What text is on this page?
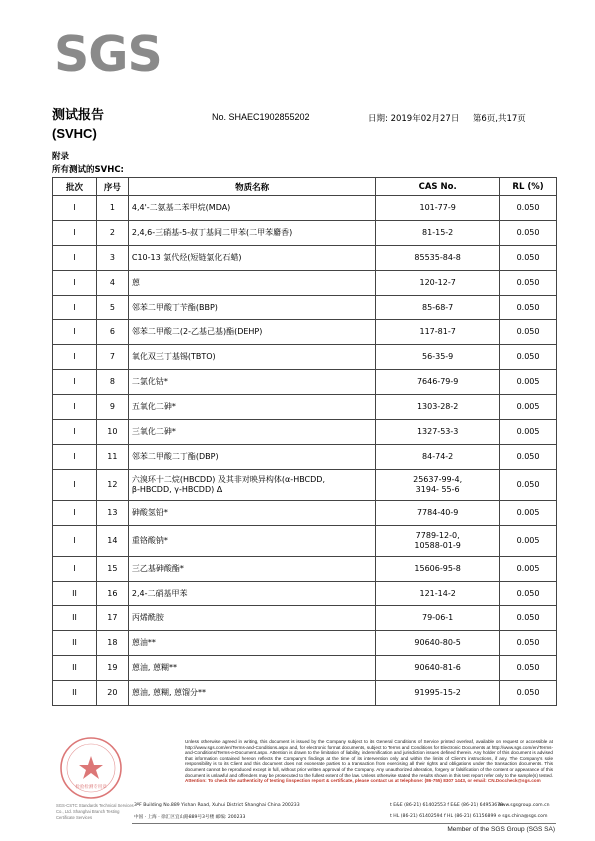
SGS
测试报告
(SVHC)
No. SHAEC1902855202	日期: 2019年02月27日 第6页,共17页
附录
所有测试的SVHC:
批次	序号	物质名称	CAS No.	RL (%)
I	1	4,4'-二氨基二苯甲烷(MDA)	101-77-9	0.050
I	2	2,4,6-三硝基-5-叔丁基间二甲苯(二甲苯麝香)	81-15-2	0.050
I	3	C10-13 氯代烃(短链氯化石蜡)	85535-84-8	0.050
I	4	蒽	120-12-7	0.050
I	5	邻苯二甲酸丁苄酯(BBP)	85-68-7	0.050
I	6	邻苯二甲酸二(2-乙基己基)酯(DEHP)	117-81-7	0.050
I	7	氧化双三丁基锡(TBTO)	56-35-9	0.050
I	8	二氯化钴*	7646-79-9	0.005
I	9	五氧化二砷*	1303-28-2	0.005
I	10	三氧化二砷*	1327-53-3	0.005
I	11	邻苯二甲酸二丁酯(DBP)	84-74-2	0.050
I	12	六溴环十二烷(HBCDD) 及其非对映异构体(α-HBCDD,
β-HBCDD, γ-HBCDD) Δ	25637-99-4,
3194- 55-6	0.050
I	13	砷酸氢铅*	7784-40-9	0.005
I	14	重铬酸钠*	7789-12-0,
10588-01-9	0.005
I	15	三乙基砷酸酯*	15606-95-8	0.005
II	16	2,4-二硝基甲苯	121-14-2	0.050
II	17	丙烯酰胺	79-06-1	0.050
II	18	蒽油**	90640-80-5	0.050
II	19	蒽油, 蒽糊**	90640-81-6	0.050
II	20	蒽油, 蒽糊, 蒽馏分**	91995-15-2	0.050
检验检测专用章
Unless otherwise agreed in writing, this document is issued by the Company subject to its General Conditions of Service printed overleaf, available on request or accessible at http://www.sgs.com/en/Terms-and-Conditions.aspx and, for electronic format documents, subject to Terms and Conditions for Electronic Documents at http://www.sgs.com/en/Terms-and-Conditions/Terms-e-Document.aspx. Attention is drawn to the limitation of liability, indemnification and jurisdiction issues defined therein. Any holder of this document is advised that information contained hereon reflects the Company's findings at the time of its intervention only and within the limits of Client's instructions, if any. The Company's sole responsibility is to its Client and this document does not exonerate parties to a transaction from exercising all their rights and obligations under the transaction documents. This document cannot be reproduced except in full, without prior written approval of the Company. Any unauthorized alteration, forgery or falsification of the content or appearance of this document is unlawful and offenders may be prosecuted to the fullest extent of the law. Unless otherwise stated the results shown in this test report refer only to the sample(s) tested. Attention: To check the authenticity of testing /inspection report & certificate, please contact us at telephone: (86-755) 8307 1443, or email: CN.Doccheck@sgs.com
SGS-CSTC Standards Technical Services Co., Ltd. Shanghai Branch Testing Certificate Services
3ºF Building No.889 Yishan Road, Xuhui District Shanghai China 200233
中国 · 上海 · 徐汇区宜山路889号3号楼 邮编: 200233
t E&E (86-21) 61402553 f E&E (86-21) 64953679
t HL (86-21) 61402594 f HL (86-21) 61156899
www.sgsgroup.com.cn
e sgs.china@sgs.com
Member of the SGS Group (SGS SA)
